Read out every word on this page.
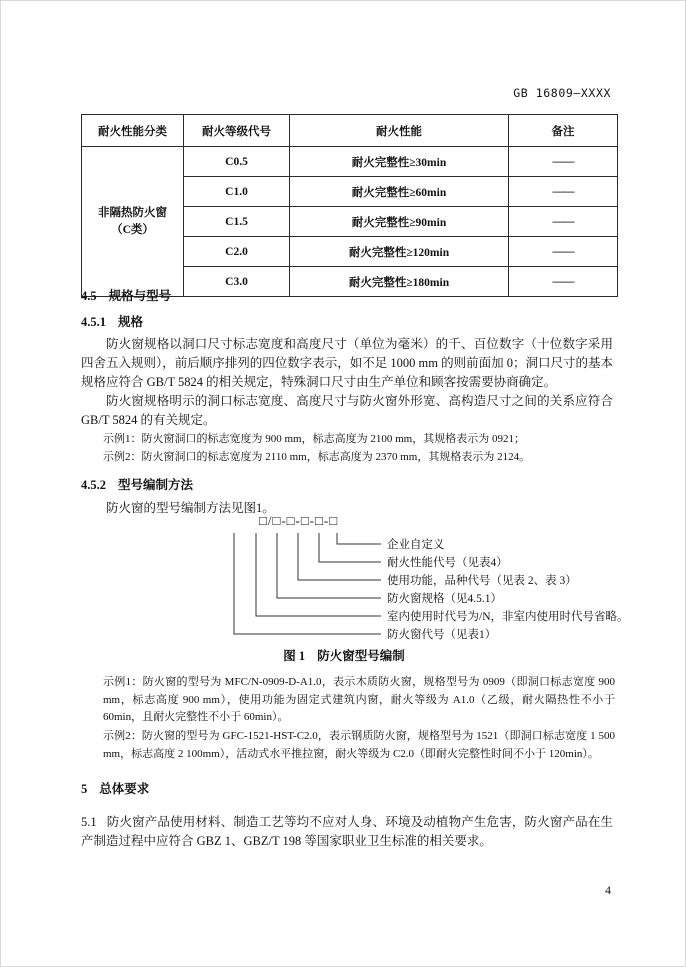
GB 16809—XXXX
耐火性能分类	耐火等级代号	耐火性能	备注
非隔热防火窗
（C类）	C0.5	耐火完整性≥30min	——
	C1.0	耐火完整性≥60min	——
	C1.5	耐火完整性≥90min	——
	C2.0	耐火完整性≥120min	——
	C3.0	耐火完整性≥180min	——
4.5 规格与型号
4.5.1 规格
防火窗规格以洞口尺寸标志宽度和高度尺寸（单位为毫米）的千、百位数字（十位数字采用四舍五入规则），前后顺序排列的四位数字表示，如不足 1000 mm 的则前面加 0；洞口尺寸的基本规格应符合 GB/T 5824 的相关规定，特殊洞口尺寸由生产单位和顾客按需要协商确定。
防火窗规格明示的洞口标志宽度、高度尺寸与防火窗外形宽、高构造尺寸之间的关系应符合 GB/T 5824 的有关规定。
示例1：防火窗洞口的标志宽度为 900 mm，标志高度为 2100 mm，其规格表示为 0921；
示例2：防火窗洞口的标志宽度为 2110 mm，标志高度为 2370 mm，其规格表示为 2124。
4.5.2 型号编制方法
防火窗的型号编制方法见图1。
□/□-□-□-□-□
企业自定义
耐火性能代号（见表4）
使用功能，品种代号（见表 2、表 3）
防火窗规格（见4.5.1）
室内使用时代号为/N，非室内使用时代号省略。
防火窗代号（见表1）
图 1 防火窗型号编制
示例1：防火窗的型号为 MFC/N-0909-D-A1.0，表示木质防火窗，规格型号为 0909（即洞口标志宽度 900 mm，标志高度 900 mm），使用功能为固定式建筑内窗，耐火等级为 A1.0（乙级，耐火隔热性不小于 60min，且耐火完整性不小于 60min）。
示例2：防火窗的型号为 GFC-1521-HST-C2.0，表示钢质防火窗，规格型号为 1521（即洞口标志宽度 1 500 mm，标志高度 2 100mm），活动式水平推拉窗，耐火等级为 C2.0（即耐火完整性时间不小于 120min）。
5 总体要求
5.1 防火窗产品使用材料、制造工艺等均不应对人身、环境及动植物产生危害，防火窗产品在生产制造过程中应符合 GBZ 1、GBZ/T 198 等国家职业卫生标准的相关要求。
4
